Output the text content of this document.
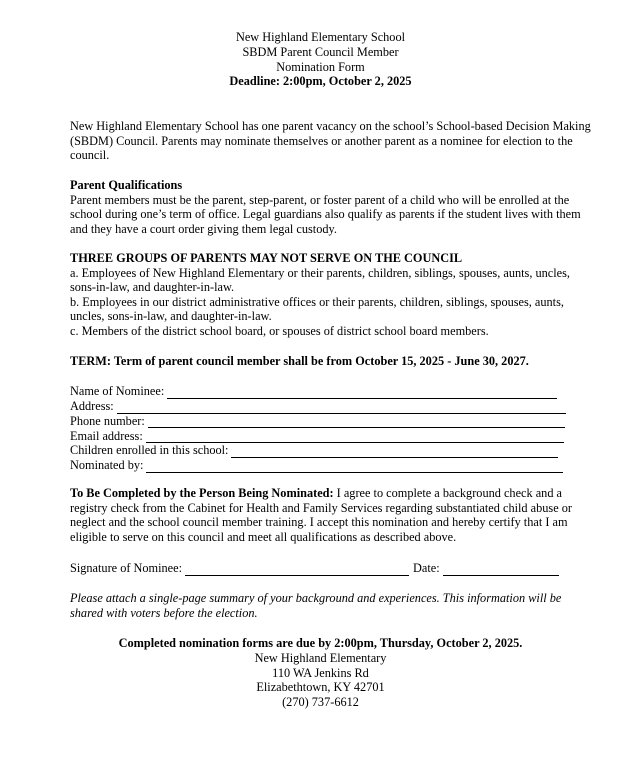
New Highland Elementary School
SBDM Parent Council Member
Nomination Form
Deadline: 2:00pm, October 2, 2025

New Highland Elementary School has one parent vacancy on the school’s School-based Decision Making (SBDM) Council. Parents may nominate themselves or another parent as a nominee for election to the council.

Parent Qualifications

Parent members must be the parent, step-parent, or foster parent of a child who will be enrolled at the school during one’s term of office. Legal guardians also qualify as parents if the student lives with them and they have a court order giving them legal custody.

THREE GROUPS OF PARENTS MAY NOT SERVE ON THE COUNCIL

a. Employees of New Highland Elementary or their parents, children, siblings, spouses, aunts, uncles, sons-in-law, and daughter-in-law.

b. Employees in our district administrative offices or their parents, children, siblings, spouses, aunts, uncles, sons-in-law, and daughter-in-law.

c. Members of the district school board, or spouses of district school board members.

TERM: Term of parent council member shall be from October 15, 2025 - June 30, 2027.
Name of Nominee:
Address:
Phone number:
Email address:
Children enrolled in this school:
Nominated by:

To Be Completed by the Person Being Nominated: I agree to complete a background check and a registry check from the Cabinet for Health and Family Services regarding substantiated child abuse or neglect and the school council member training. I accept this nomination and hereby certify that I am eligible to serve on this council and meet all qualifications as described above.

Signature of Nominee:	Date:

Please attach a single-page summary of your background and experiences. This information will be shared with voters before the election.

Completed nomination forms are due by 2:00pm, Thursday, October 2, 2025.
New Highland Elementary
110 WA Jenkins Rd
Elizabethtown, KY 42701
(270) 737-6612
